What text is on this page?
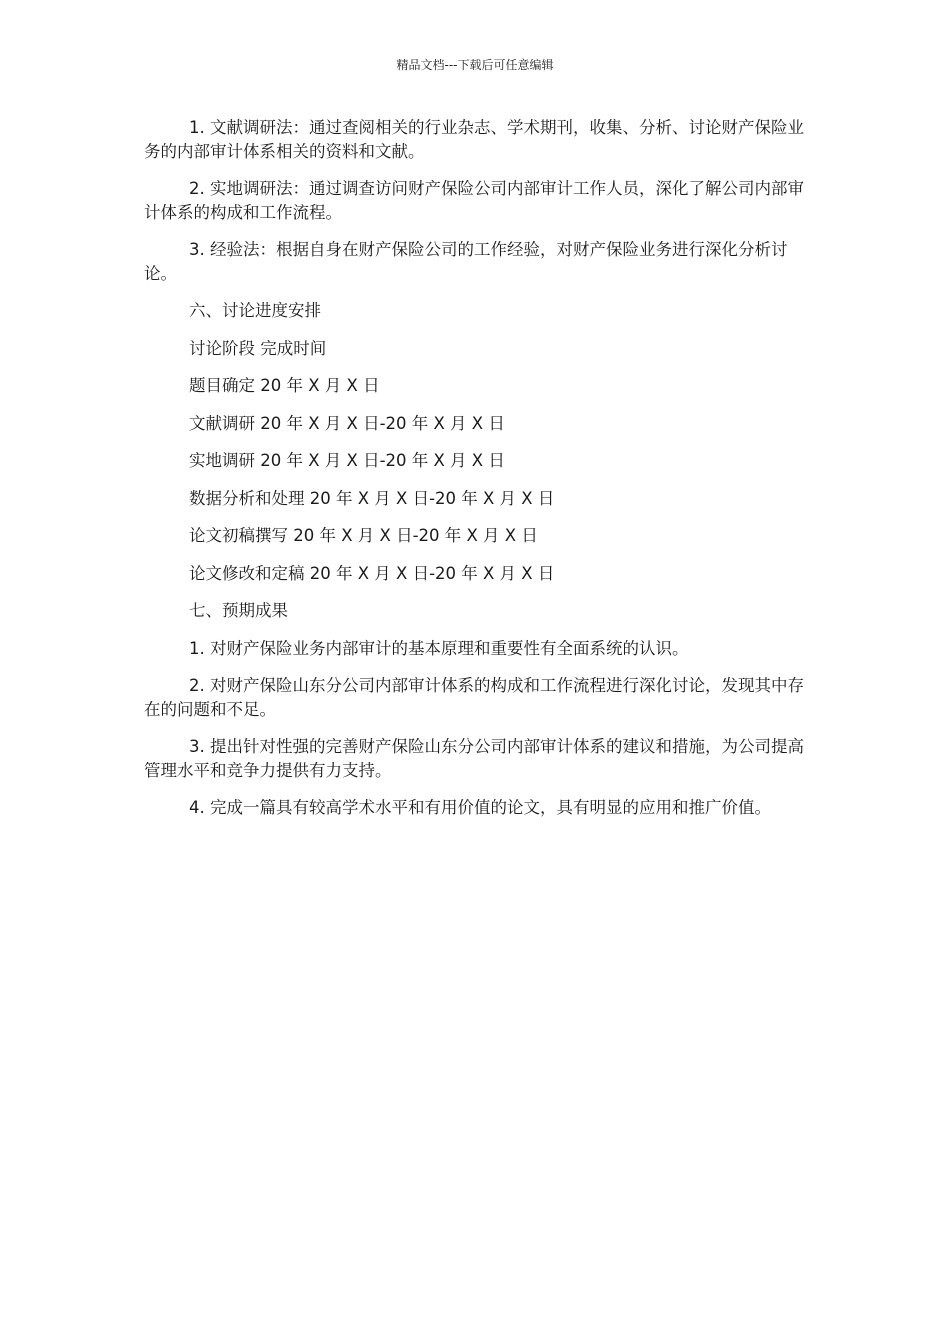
精品文档---下载后可任意编辑

1. 文献调研法：通过查阅相关的行业杂志、学术期刊，收集、分析、讨论财产保险业务的内部审计体系相关的资料和文献。

2. 实地调研法：通过调查访问财产保险公司内部审计工作人员，深化了解公司内部审计体系的构成和工作流程。

3. 经验法：根据自身在财产保险公司的工作经验，对财产保险业务进行深化分析讨论。

六、讨论进度安排

讨论阶段 完成时间

题目确定 20 年 X 月 X 日

文献调研 20 年 X 月 X 日-20 年 X 月 X 日

实地调研 20 年 X 月 X 日-20 年 X 月 X 日

数据分析和处理 20 年 X 月 X 日-20 年 X 月 X 日

论文初稿撰写 20 年 X 月 X 日-20 年 X 月 X 日

论文修改和定稿 20 年 X 月 X 日-20 年 X 月 X 日

七、预期成果

1. 对财产保险业务内部审计的基本原理和重要性有全面系统的认识。

2. 对财产保险山东分公司内部审计体系的构成和工作流程进行深化讨论，发现其中存在的问题和不足。

3. 提出针对性强的完善财产保险山东分公司内部审计体系的建议和措施，为公司提高管理水平和竞争力提供有力支持。

4. 完成一篇具有较高学术水平和有用价值的论文，具有明显的应用和推广价值。
